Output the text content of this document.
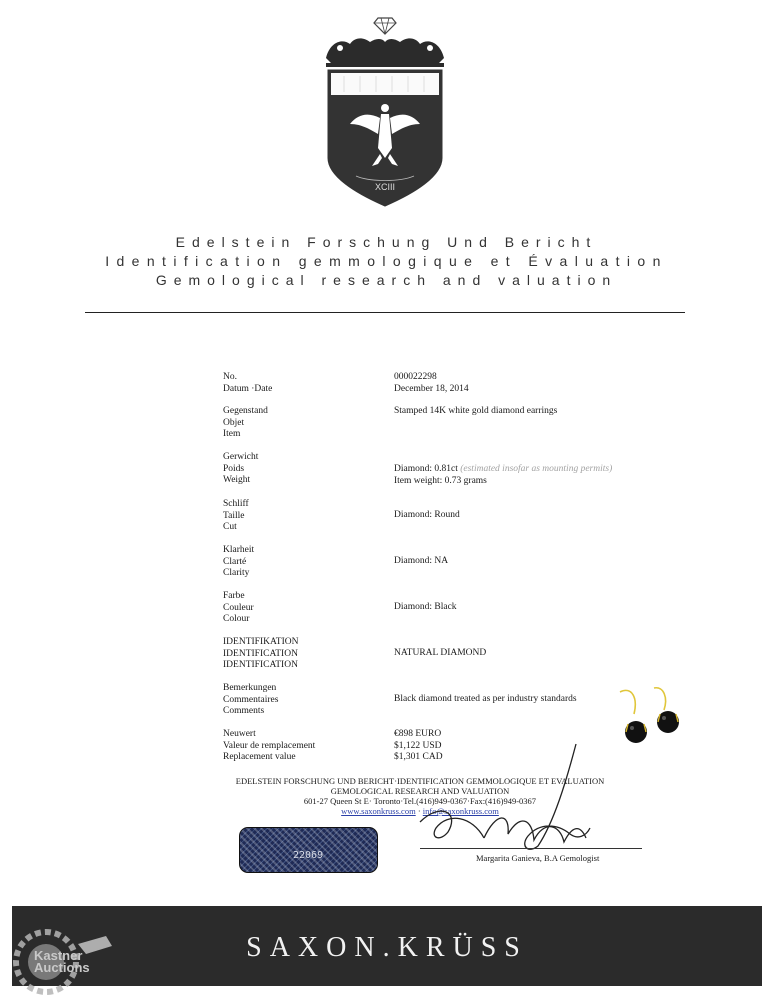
XCIII
Edelstein Forschung Und Bericht
Identification gemmologique et Évaluation
Gemological research and valuation
No.
Datum ·Date
Gegenstand
Objet
Item
Gerwicht
Poids
Weight
Schliff
Taille
Cut
Klarheit
Clarté
Clarity
Farbe
Couleur
Colour
IDENTIFIKATION
IDENTIFICATION
IDENTIFICATION
Bemerkungen
Commentaires
Comments
Neuwert
Valeur de remplacement
Replacement value
000022298
December 18, 2014
Stamped 14K white gold diamond earrings
Diamond: 0.81ct (estimated insofar as mounting permits)
Item weight: 0.73 grams
Diamond: Round
Diamond: NA
Diamond: Black
NATURAL DIAMOND
Black diamond treated as per industry standards
€898 EURO
$1,122 USD
$1,301 CAD
EDELSTEIN FORSCHUNG UND BERICHT·IDENTIFICATION GEMMOLOGIQUE ET EVALUATION
GEMOLOGICAL RESEARCH AND VALUATION
601-27 Queen St E· Toronto·Tel.(416)949-0367·Fax:(416)949-0367
www.saxonkruss.com · info@saxonkruss.com
Margarita Ganieva, B.A Gemologist
22069
SAXON.KRÜSS
Kastner
Auctions
